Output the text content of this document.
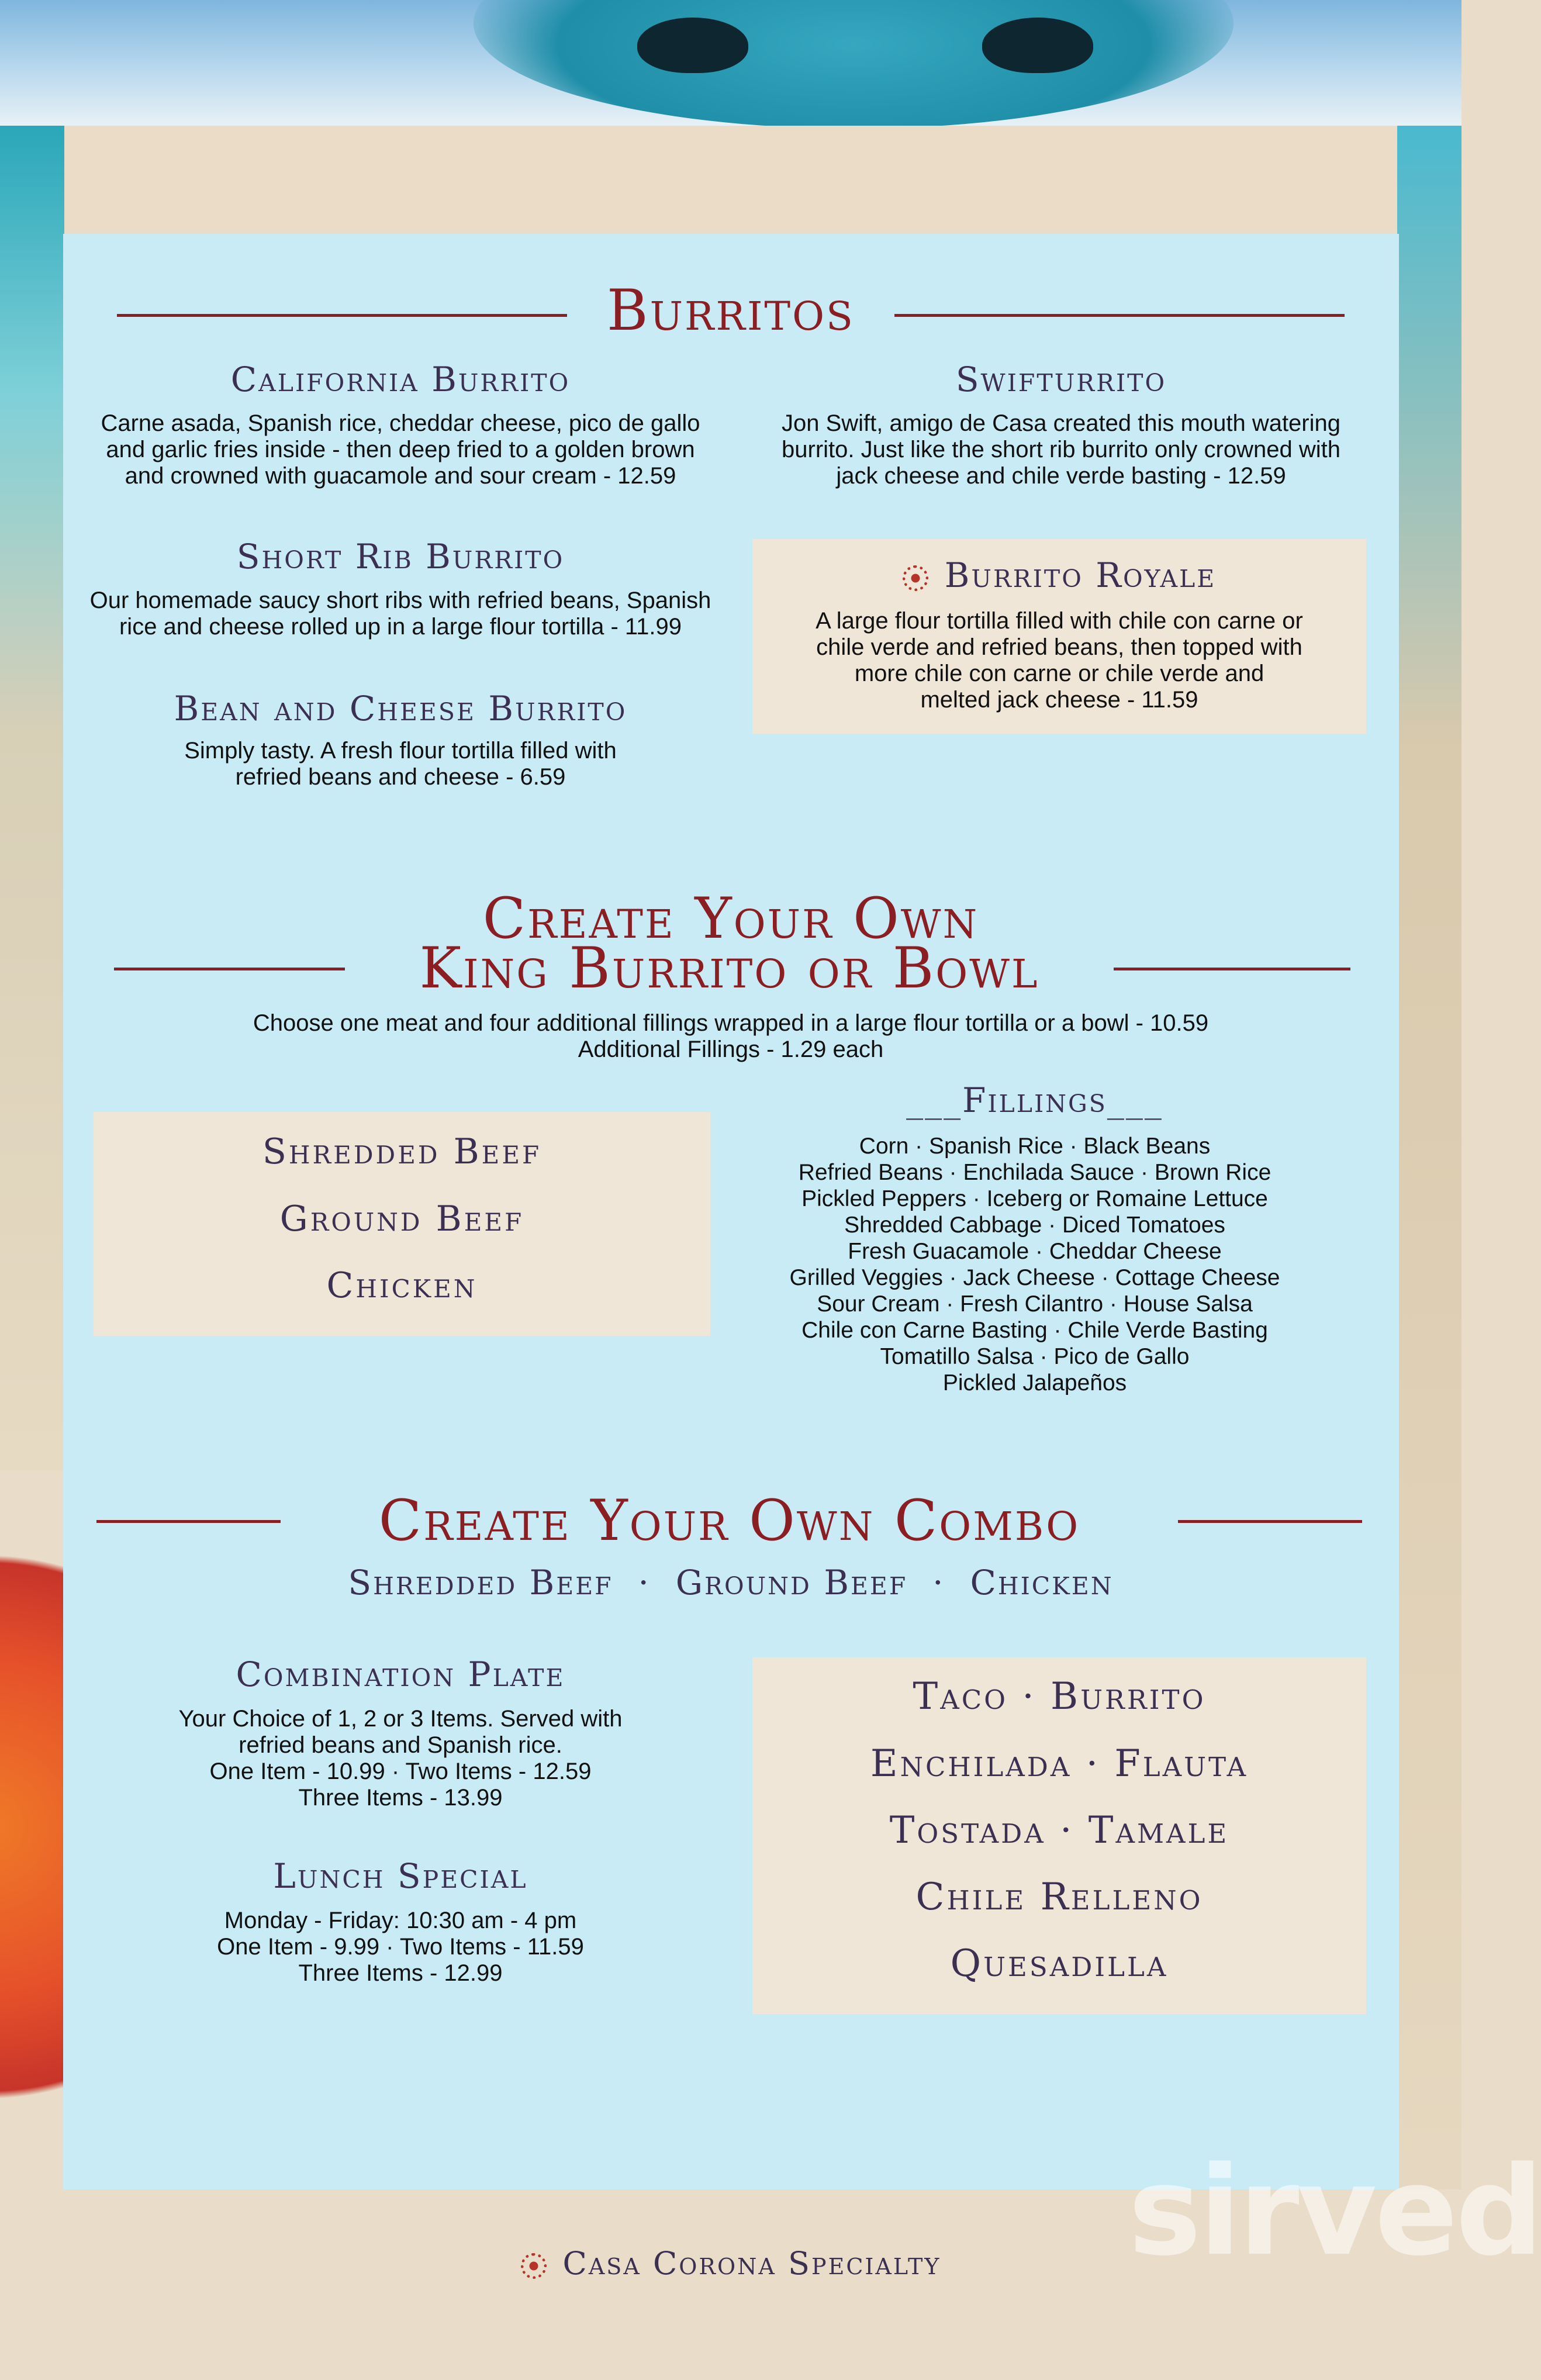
Burritos
California Burrito
Carne asada, Spanish rice, cheddar cheese, pico de gallo
and garlic fries inside - then deep fried to a golden brown
and crowned with guacamole and sour cream - 12.59
Swifturrito
Jon Swift, amigo de Casa created this mouth watering
burrito. Just like the short rib burrito only crowned with
jack cheese and chile verde basting - 12.59
Short Rib Burrito
Our homemade saucy short ribs with refried beans, Spanish
rice and cheese rolled up in a large flour tortilla - 11.99
Burrito Royale
A large flour tortilla filled with chile con carne or
chile verde and refried beans, then topped with
more chile con carne or chile verde and
melted jack cheese - 11.59
Bean and Cheese Burrito
Simply tasty. A fresh flour tortilla filled with
refried beans and cheese - 6.59
Create Your Own
King Burrito or Bowl
Choose one meat and four additional fillings wrapped in a large flour tortilla or a bowl - 10.59
Additional Fillings - 1.29 each
Shredded Beef
Ground Beef
Chicken
___Fillings___
Corn · Spanish Rice · Black Beans
Refried Beans · Enchilada Sauce · Brown Rice
Pickled Peppers · Iceberg or Romaine Lettuce
Shredded Cabbage · Diced Tomatoes
Fresh Guacamole · Cheddar Cheese
Grilled Veggies · Jack Cheese · Cottage Cheese
Sour Cream · Fresh Cilantro · House Salsa
Chile con Carne Basting · Chile Verde Basting
Tomatillo Salsa · Pico de Gallo
Pickled Jalapeños
Create Your Own Combo
Shredded Beef  ·  Ground Beef  ·  Chicken
Combination Plate
Your Choice of 1, 2 or 3 Items. Served with
refried beans and Spanish rice.
One Item - 10.99 · Two Items - 12.59
Three Items - 13.99
Lunch Special
Monday - Friday: 10:30 am - 4 pm
One Item - 9.99 · Two Items - 11.59
Three Items - 12.99
Taco · Burrito
Enchilada · Flauta
Tostada · Tamale
Chile Relleno
Quesadilla
Casa Corona Specialty	sirved
